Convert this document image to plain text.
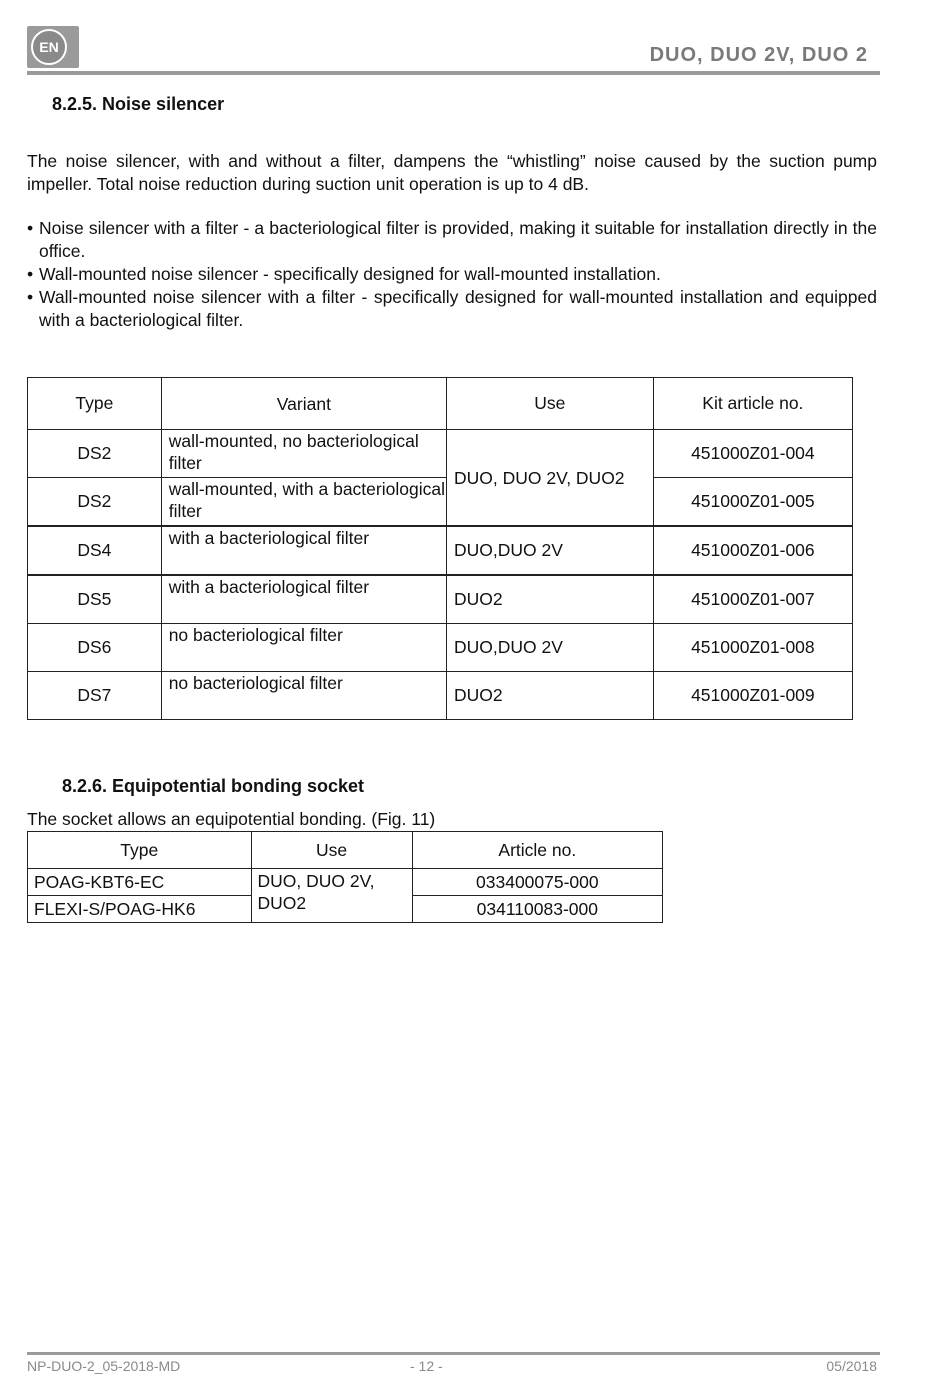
EN	DUO, DUO 2V, DUO 2
8.2.5. Noise silencer

The noise silencer, with and without a filter, dampens the “whistling” noise caused by the suction pump impeller. Total noise reduction during suction unit operation is up to 4 dB.

• Noise silencer with a filter - a bacteriological filter is provided, making it suitable for installation directly in the office.
• Wall-mounted noise silencer - specifically designed for wall-mounted installation.
• Wall-mounted noise silencer with a filter - specifically designed for wall-mounted installation and equipped with a bacteriological filter.
Type	Variant	Use	Kit article no.
DS2	wall-mounted, no bacteriological filter	DUO, DUO 2V, DUO2	451000Z01-004
DS2	wall-mounted, with a bacteriological filter		451000Z01-005
DS4	with a bacteriological filter	DUO,DUO 2V	451000Z01-006
DS5	with a bacteriological filter	DUO2	451000Z01-007
DS6	no bacteriological filter	DUO,DUO 2V	451000Z01-008
DS7	no bacteriological filter	DUO2	451000Z01-009
8.2.6. Equipotential bonding socket

The socket allows an equipotential bonding. (Fig. 11)

Type	Use	Article no.
POAG-KBT6-EC	DUO, DUO 2V, DUO2	033400075-000
FLEXI-S/POAG-HK6		034110083-000
NP-DUO-2_05-2018-MD	- 12 -	05/2018
